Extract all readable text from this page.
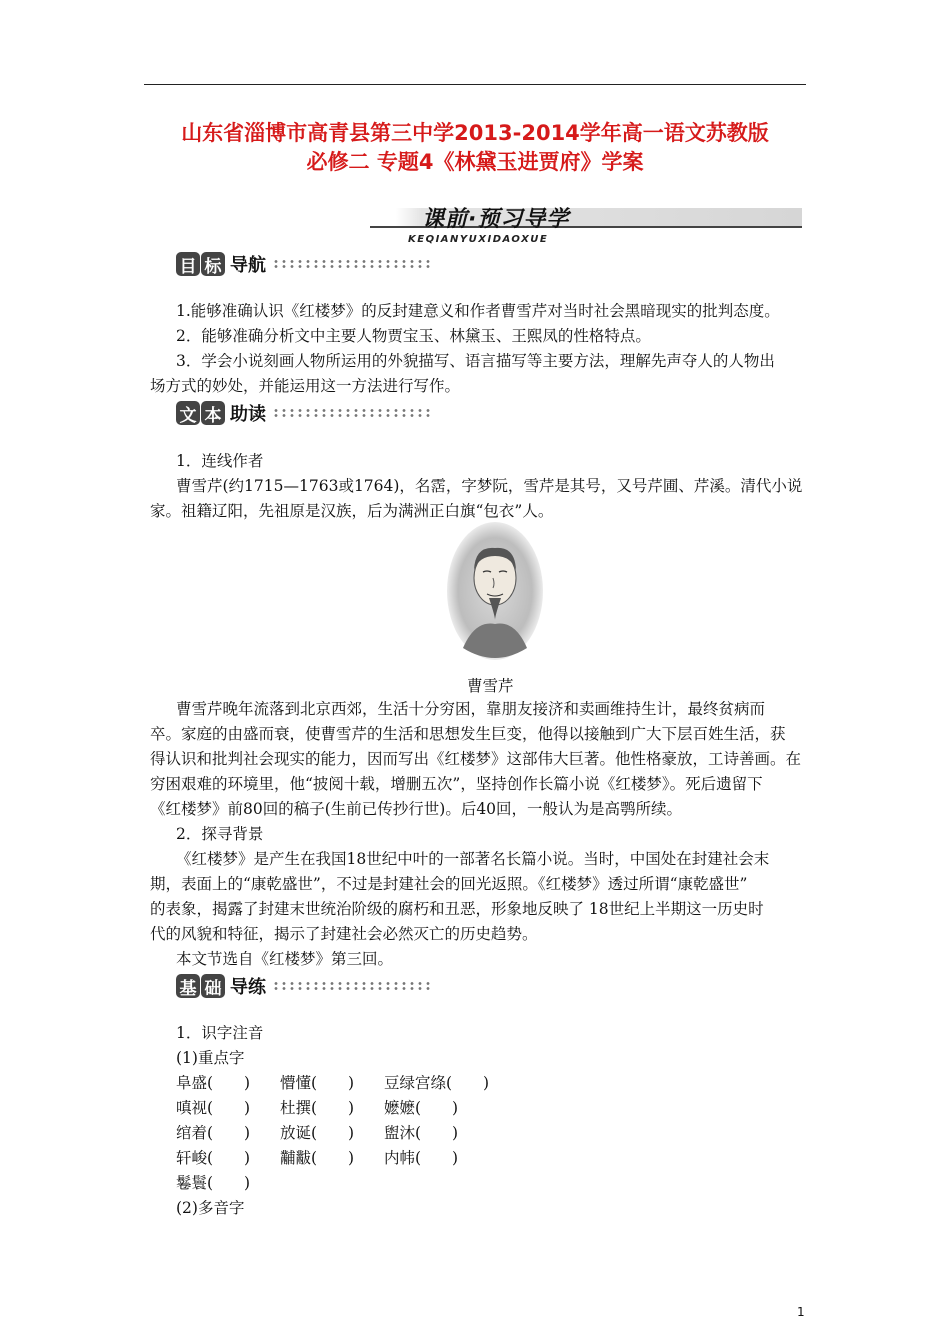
山东省淄博市高青县第三中学2013-2014学年高一语文苏教版
必修二 专题4《林黛玉进贾府》学案
课前·预习导学
KEQIANYUXIDAOXUE
目 标 导航

1.能够准确认识《红楼梦》的反封建意义和作者曹雪芹对当时社会黑暗现实的批判态度。

2．能够准确分析文中主要人物贾宝玉、林黛玉、王熙凤的性格特点。

3．学会小说刻画人物所运用的外貌描写、语言描写等主要方法，理解先声夺人的人物出

场方式的妙处，并能运用这一方法进行写作。

文 本 助读

1．连线作者

曹雪芹(约1715—1763或1764)，名霑，字梦阮，雪芹是其号，又号芹圃、芹溪。清代小说

家。祖籍辽阳，先祖原是汉族，后为满洲正白旗“包衣”人。

曹雪芹

曹雪芹晚年流落到北京西郊，生活十分穷困，靠朋友接济和卖画维持生计，最终贫病而

卒。家庭的由盛而衰，使曹雪芹的生活和思想发生巨变，他得以接触到广大下层百姓生活，获

得认识和批判社会现实的能力，因而写出《红楼梦》这部伟大巨著。他性格豪放，工诗善画。在

穷困艰难的环境里，他“披阅十载，增删五次”，坚持创作长篇小说《红楼梦》。死后遗留下

《红楼梦》前80回的稿子(生前已传抄行世)。后40回，一般认为是高鹗所续。

2．探寻背景

《红楼梦》是产生在我国18世纪中叶的一部著名长篇小说。当时，中国处在封建社会末

期，表面上的“康乾盛世”，不过是封建社会的回光返照。《红楼梦》透过所谓“康乾盛世”

的表象，揭露了封建末世统治阶级的腐朽和丑恶，形象地反映了 18世纪上半期这一历史时

代的风貌和特征，揭示了封建社会必然灭亡的历史趋势。

本文节选自《红楼梦》第三回。

基 础 导练

1．识字注音

(1)重点字

阜盛(　　)	懵懂(　　)	豆绿宫绦(　　)
嗔视(　　)	杜撰(　　)	嬷嬷(　　)
绾着(　　)	放诞(　　)	盥沐(　　)
轩峻(　　)	黼黻(　　)	内帏(　　)
鬈鬟(　　)

(2)多音字

1
